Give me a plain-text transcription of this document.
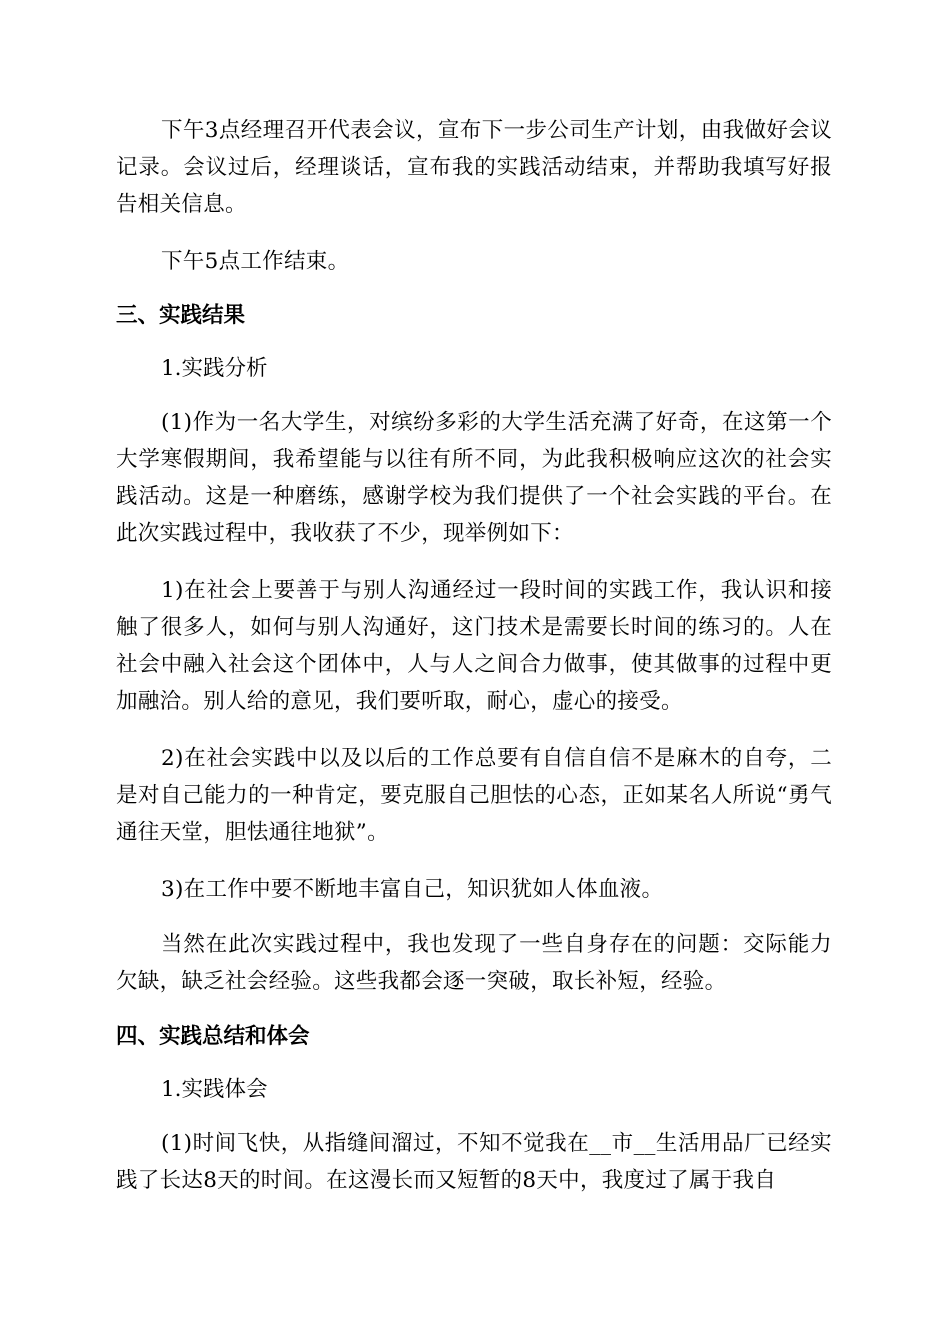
下午3点经理召开代表会议，宣布下一步公司生产计划，由我做好会议记录。会议过后，经理谈话，宣布我的实践活动结束，并帮助我填写好报告相关信息。

下午5点工作结束。

三、实践结果

1.实践分析

(1)作为一名大学生，对缤纷多彩的大学生活充满了好奇，在这第一个大学寒假期间，我希望能与以往有所不同，为此我积极响应这次的社会实践活动。这是一种磨练，感谢学校为我们提供了一个社会实践的平台。在此次实践过程中，我收获了不少，现举例如下：

1)在社会上要善于与别人沟通经过一段时间的实践工作，我认识和接触了很多人，如何与别人沟通好，这门技术是需要长时间的练习的。人在社会中融入社会这个团体中，人与人之间合力做事，使其做事的过程中更加融洽。别人给的意见，我们要听取，耐心，虚心的接受。

2)在社会实践中以及以后的工作总要有自信自信不是麻木的自夸，二是对自己能力的一种肯定，要克服自己胆怯的心态，正如某名人所说“勇气通往天堂，胆怯通往地狱”。

3)在工作中要不断地丰富自己，知识犹如人体血液。

当然在此次实践过程中，我也发现了一些自身存在的问题：交际能力欠缺，缺乏社会经验。这些我都会逐一突破，取长补短，经验。

四、实践总结和体会

1.实践体会

(1)时间飞快，从指缝间溜过，不知不觉我在__市__生活用品厂已经实践了长达8天的时间。在这漫长而又短暂的8天中，我度过了属于我自
